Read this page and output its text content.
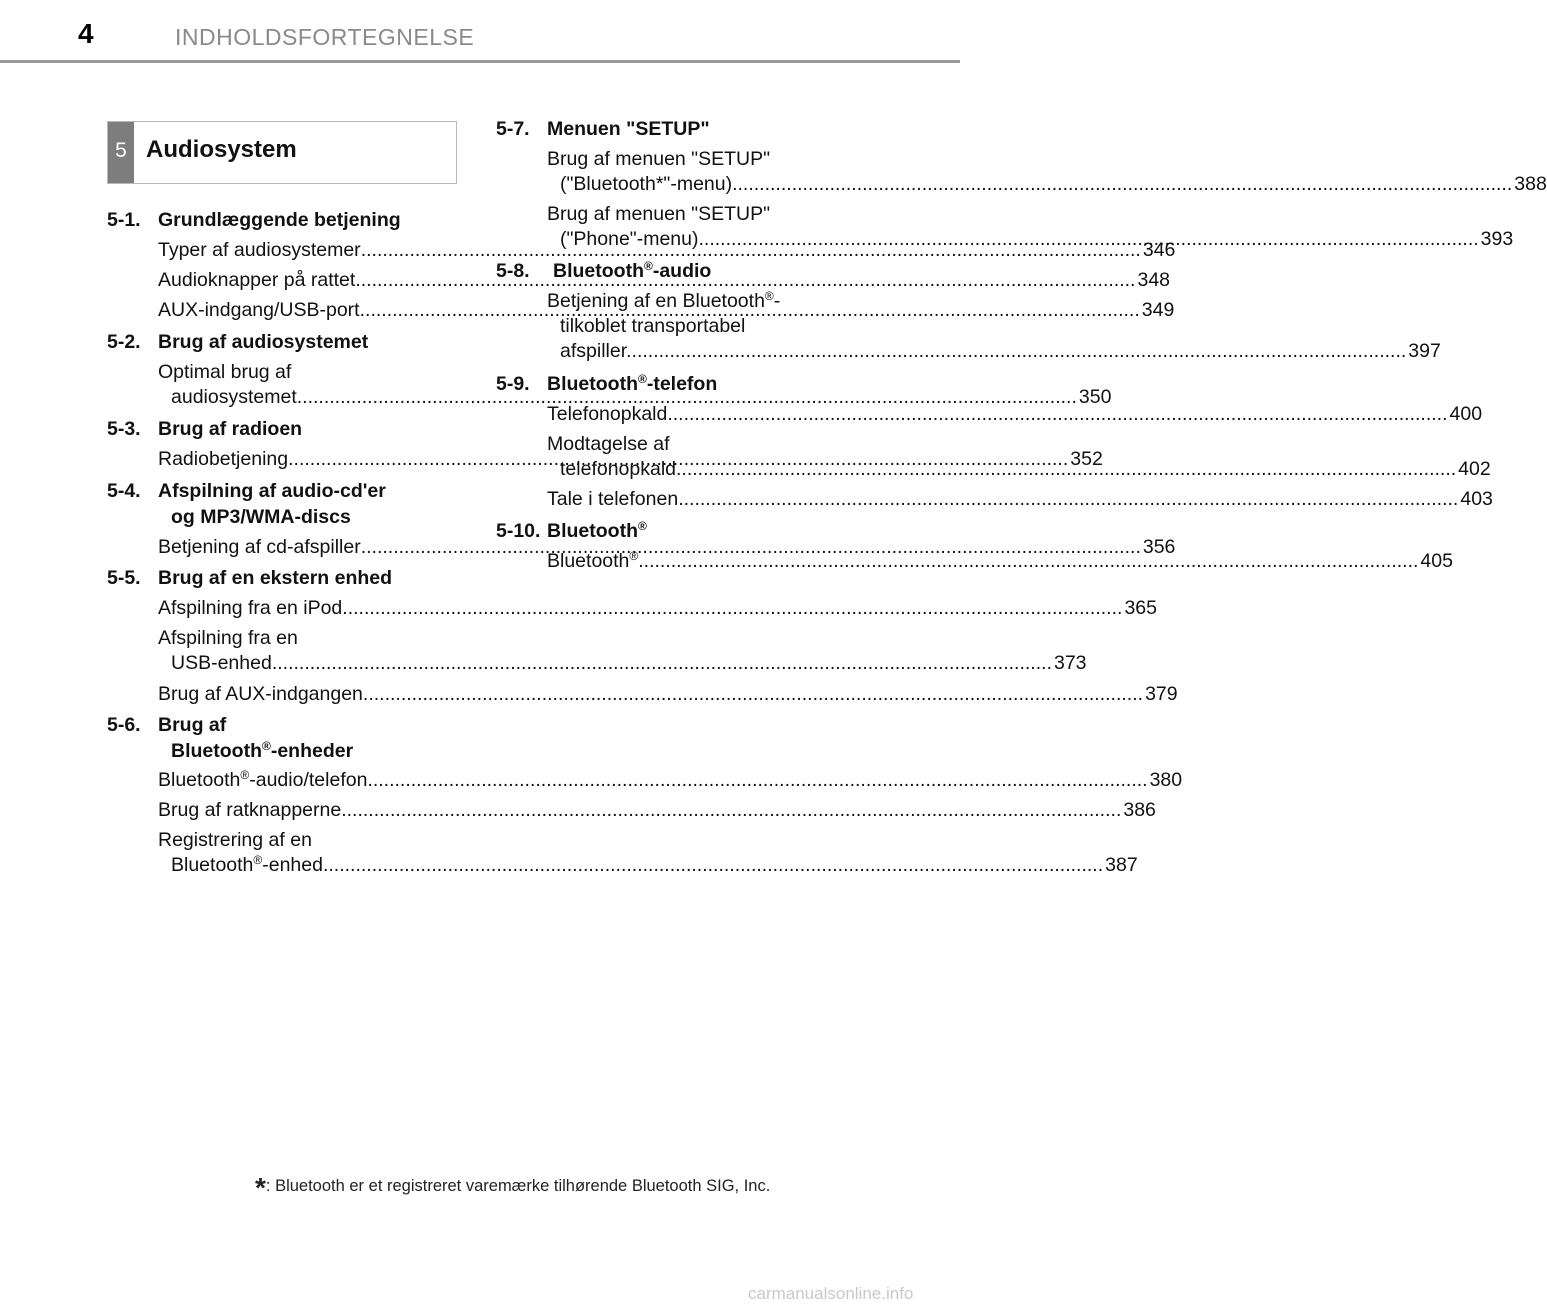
4	INDHOLDSFORTEGNELSE
5 Audiosystem
5-1. Grundlæggende betjening
Typer af audiosystemer .....	346
Audioknapper på rattet .....	348
AUX-indgang/USB-port .....	349
5-2. Brug af audiosystemet
Optimal brug af
audiosystemet .....	350
5-3. Brug af radioen
Radiobetjening .....	352
5-4. Afspilning af audio-cd'er
og MP3/WMA-discs
Betjening af cd-afspiller .....	356
5-5. Brug af en ekstern enhed
Afspilning fra en iPod .....	365
Afspilning fra en
USB-enhed .....	373
Brug af AUX-indgangen .....	379
5-6. Brug af
Bluetooth®-enheder
Bluetooth®-audio/telefon .....	380
Brug af ratknapperne .....	386
Registrering af en
Bluetooth®-enhed .....	387
5-7. Menuen "SETUP"
Brug af menuen "SETUP"
("Bluetooth*"-menu) .....	388
Brug af menuen "SETUP"
("Phone"-menu) .....	393
5-8. Bluetooth®-audio
Betjening af en Bluetooth®-
tilkoblet transportabel
afspiller .....	397
5-9. Bluetooth®-telefon
Telefonopkald .....	400
Modtagelse af
telefonopkald .....	402
Tale i telefonen .....	403
5-10. Bluetooth®
Bluetooth® .....	405
*: Bluetooth er et registreret varemærke tilhørende Bluetooth SIG, Inc.
carmanualsonline.info
